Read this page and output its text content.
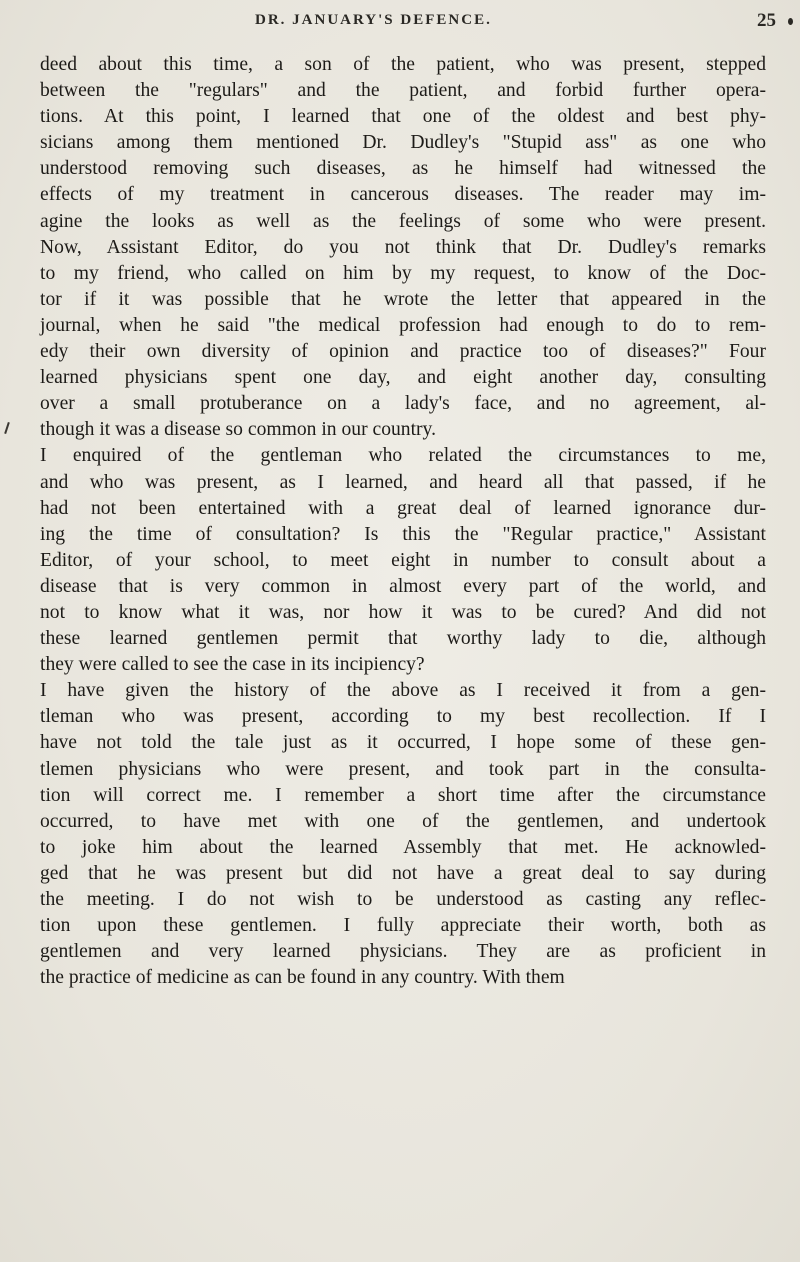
DR. JANUARY'S DEFENCE.	25
deed about this time, a son of the patient, who was present, stepped
between the "regulars" and the patient, and forbid further opera-
tions. At this point, I learned that one of the oldest and best phy-
sicians among them mentioned Dr. Dudley's "Stupid ass" as one who
understood removing such diseases, as he himself had witnessed the
effects of my treatment in cancerous diseases. The reader may im-
agine the looks as well as the feelings of some who were present.
Now, Assistant Editor, do you not think that Dr. Dudley's remarks
to my friend, who called on him by my request, to know of the Doc-
tor if it was possible that he wrote the letter that appeared in the
journal, when he said "the medical profession had enough to do to rem-
edy their own diversity of opinion and practice too of diseases?" Four
learned physicians spent one day, and eight another day, consulting
over a small protuberance on a lady's face, and no agreement, al-
though it was a disease so common in our country.
I enquired of the gentleman who related the circumstances to me,
and who was present, as I learned, and heard all that passed, if he
had not been entertained with a great deal of learned ignorance dur-
ing the time of consultation? Is this the "Regular practice," Assistant
Editor, of your school, to meet eight in number to consult about a
disease that is very common in almost every part of the world, and
not to know what it was, nor how it was to be cured? And did not
these learned gentlemen permit that worthy lady to die, although
they were called to see the case in its incipiency?
I have given the history of the above as I received it from a gen-
tleman who was present, according to my best recollection. If I
have not told the tale just as it occurred, I hope some of these gen-
tlemen physicians who were present, and took part in the consulta-
tion will correct me. I remember a short time after the circumstance
occurred, to have met with one of the gentlemen, and undertook
to joke him about the learned Assembly that met. He acknowled-
ged that he was present but did not have a great deal to say during
the meeting. I do not wish to be understood as casting any reflec-
tion upon these gentlemen. I fully appreciate their worth, both as
gentlemen and very learned physicians. They are as proficient in
the practice of medicine as can be found in any country. With them
